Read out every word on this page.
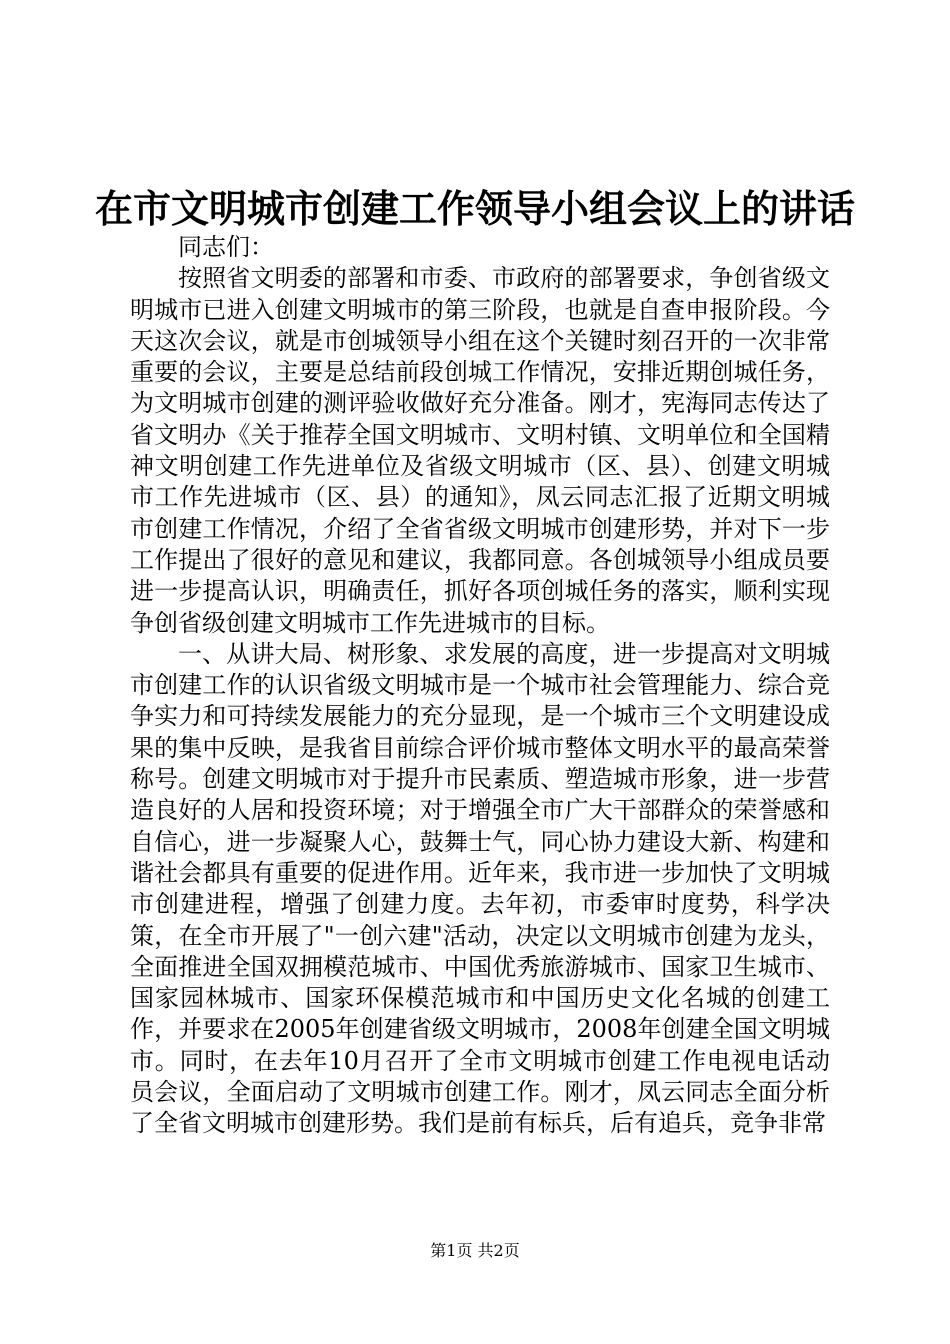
在市文明城市创建工作领导小组会议上的讲话

同志们：

按照省文明委的部署和市委、市政府的部署要求，争创省级文明城市已进入创建文明城市的第三阶段，也就是自查申报阶段。今天这次会议，就是市创城领导小组在这个关键时刻召开的一次非常重要的会议，主要是总结前段创城工作情况，安排近期创城任务，为文明城市创建的测评验收做好充分准备。刚才，宪海同志传达了省文明办《关于推荐全国文明城市、文明村镇、文明单位和全国精神文明创建工作先进单位及省级文明城市（区、县）、创建文明城市工作先进城市（区、县）的通知》，凤云同志汇报了近期文明城市创建工作情况，介绍了全省省级文明城市创建形势，并对下一步工作提出了很好的意见和建议，我都同意。各创城领导小组成员要进一步提高认识，明确责任，抓好各项创城任务的落实，顺利实现争创省级创建文明城市工作先进城市的目标。

一、从讲大局、树形象、求发展的高度，进一步提高对文明城市创建工作的认识省级文明城市是一个城市社会管理能力、综合竞争实力和可持续发展能力的充分显现，是一个城市三个文明建设成果的集中反映，是我省目前综合评价城市整体文明水平的最高荣誉称号。创建文明城市对于提升市民素质、塑造城市形象，进一步营造良好的人居和投资环境；对于增强全市广大干部群众的荣誉感和自信心，进一步凝聚人心，鼓舞士气，同心协力建设大新、构建和谐社会都具有重要的促进作用。近年来，我市进一步加快了文明城市创建进程，增强了创建力度。去年初，市委审时度势，科学决策，在全市开展了"一创六建"活动，决定以文明城市创建为龙头，全面推进全国双拥模范城市、中国优秀旅游城市、国家卫生城市、国家园林城市、国家环保模范城市和中国历史文化名城的创建工作，并要求在2005年创建省级文明城市，2008年创建全国文明城市。同时，在去年10月召开了全市文明城市创建工作电视电话动员会议，全面启动了文明城市创建工作。刚才，凤云同志全面分析了全省文明城市创建形势。我们是前有标兵，后有追兵，竞争非常

第1页 共2页
